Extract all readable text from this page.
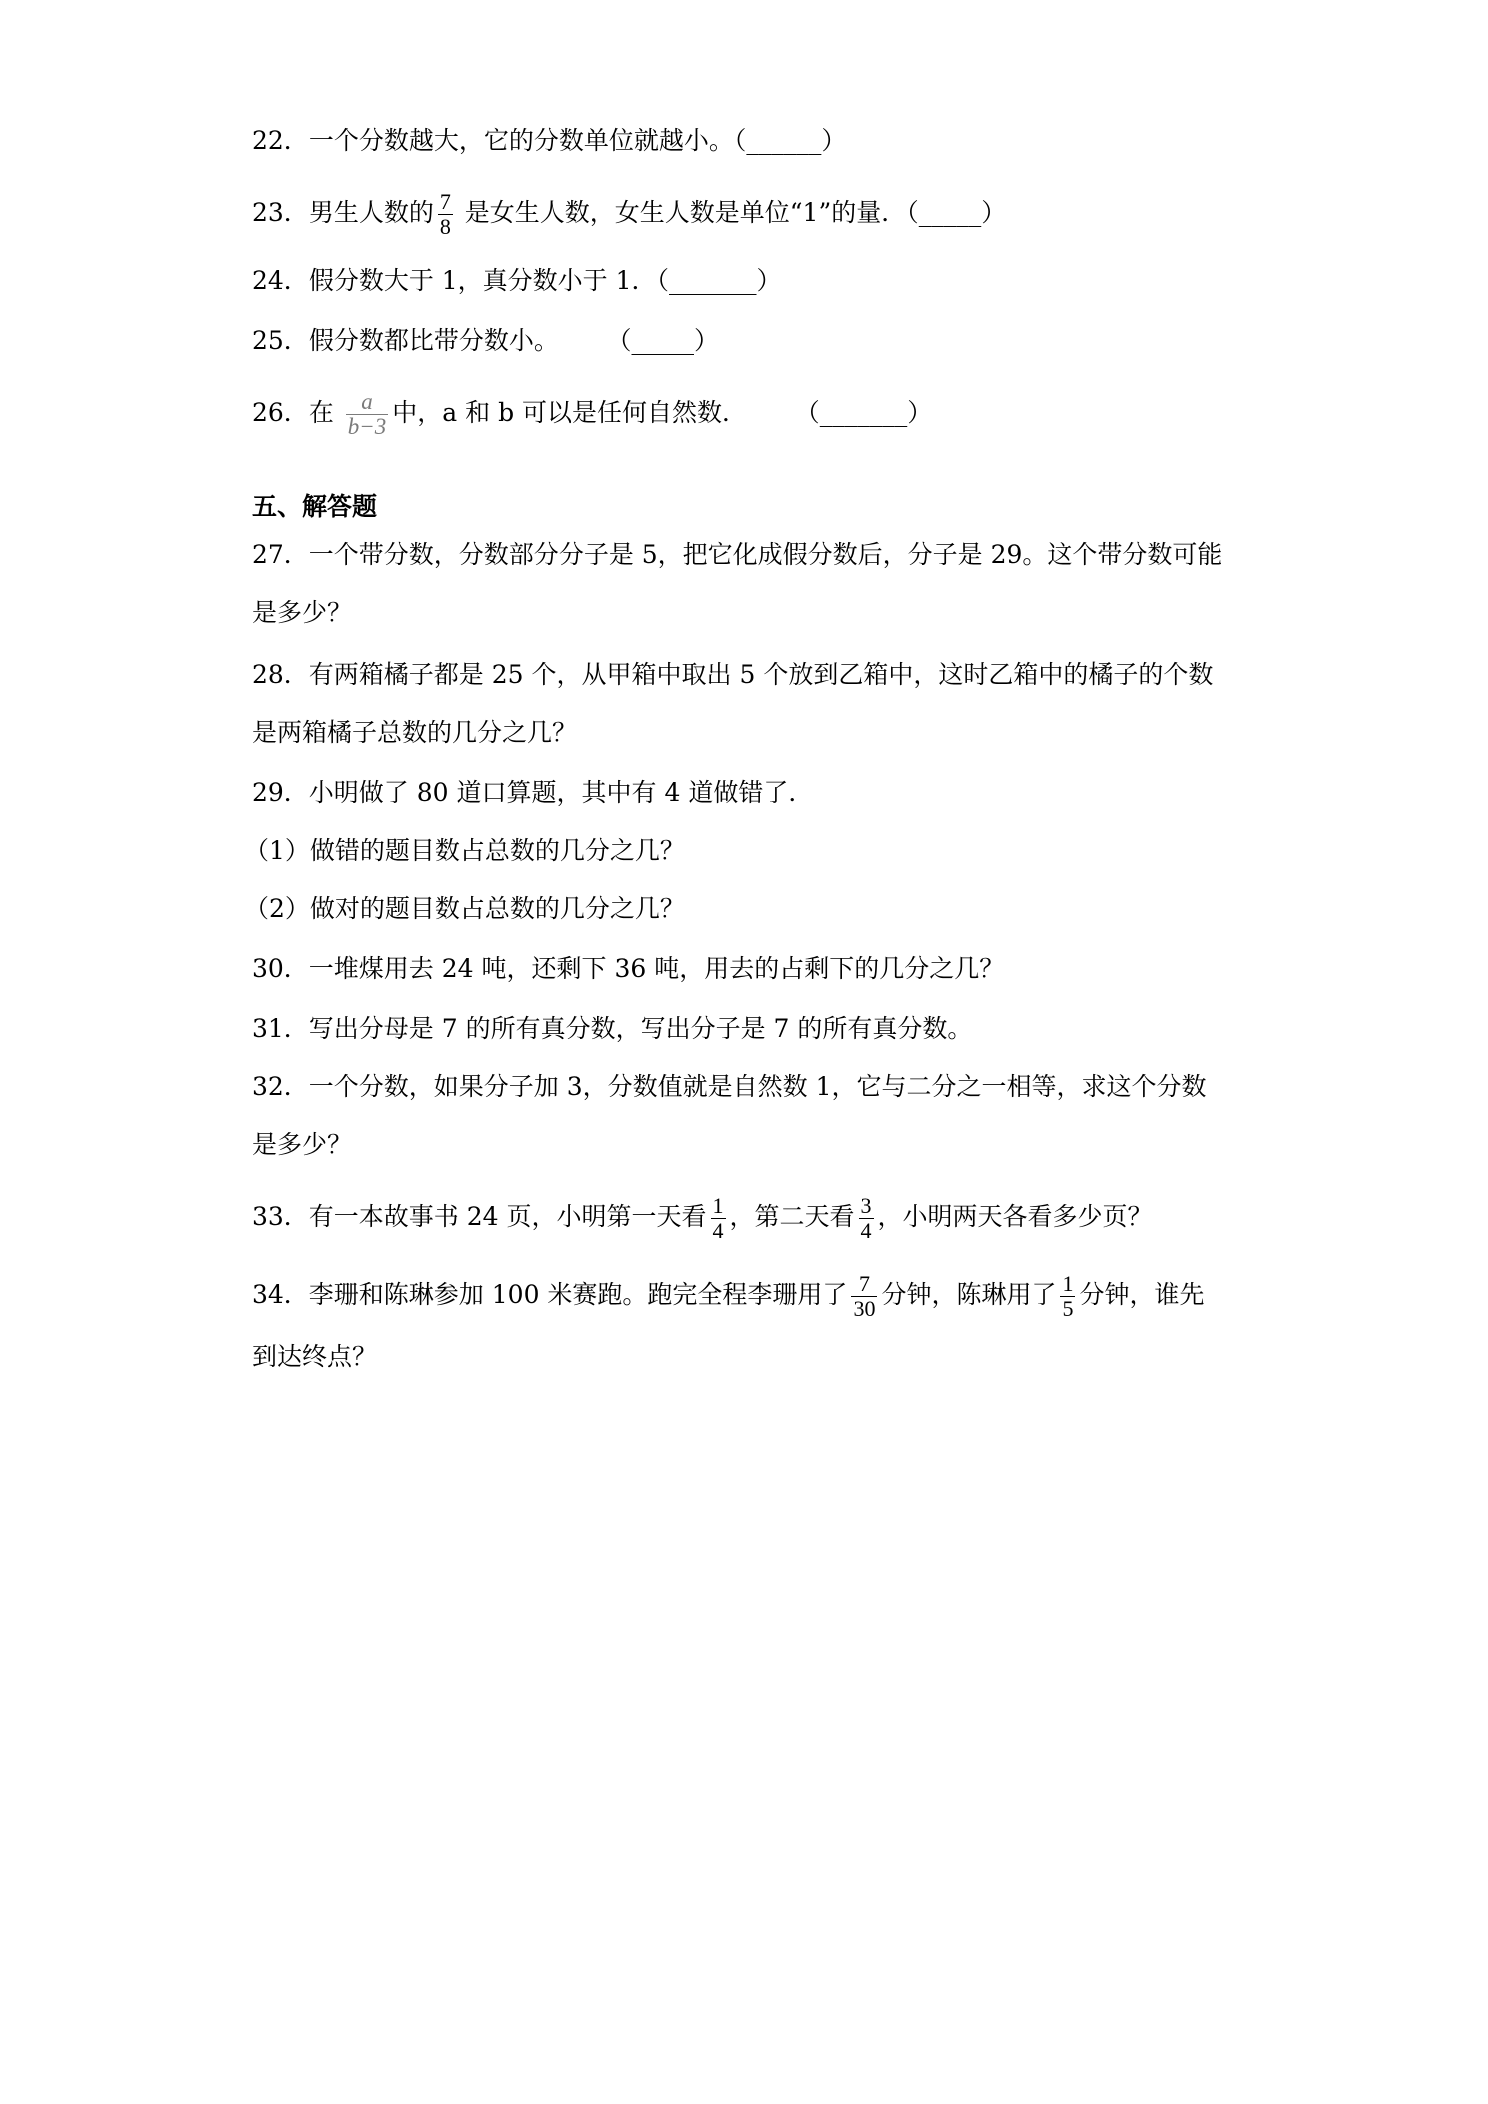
22．一个分数越大，它的分数单位就越小。（______）
23．男生人数的 $\frac{7}{8}$ 是女生人数，女生人数是单位“1”的量．（_____）
24．假分数大于 1，真分数小于 1．（_______）
25．假分数都比带分数小。      （_____）
26．在 $\frac{a}{b-3}$ 中，a 和 b 可以是任何自然数．      （_______）
五、解答题
27．一个带分数，分数部分分子是 5，把它化成假分数后，分子是 29。这个带分数可能
是多少？
28．有两箱橘子都是 25 个，从甲箱中取出 5 个放到乙箱中，这时乙箱中的橘子的个数
是两箱橘子总数的几分之几？
29．小明做了 80 道口算题，其中有 4 道做错了．
（1）做错的题目数占总数的几分之几？
（2）做对的题目数占总数的几分之几？
30．一堆煤用去 24 吨，还剩下 36 吨，用去的占剩下的几分之几？
31．写出分母是 7 的所有真分数，写出分子是 7 的所有真分数。
32．一个分数，如果分子加 3，分数值就是自然数 1，它与二分之一相等，求这个分数
是多少？
33．有一本故事书 24 页，小明第一天看 $\frac{1}{4}$ ，第二天看 $\frac{3}{4}$ ，小明两天各看多少页？
34．李珊和陈琳参加 100 米赛跑。跑完全程李珊用了 $\frac{7}{30}$ 分钟，陈琳用了 $\frac{1}{5}$ 分钟，谁先
到达终点？
